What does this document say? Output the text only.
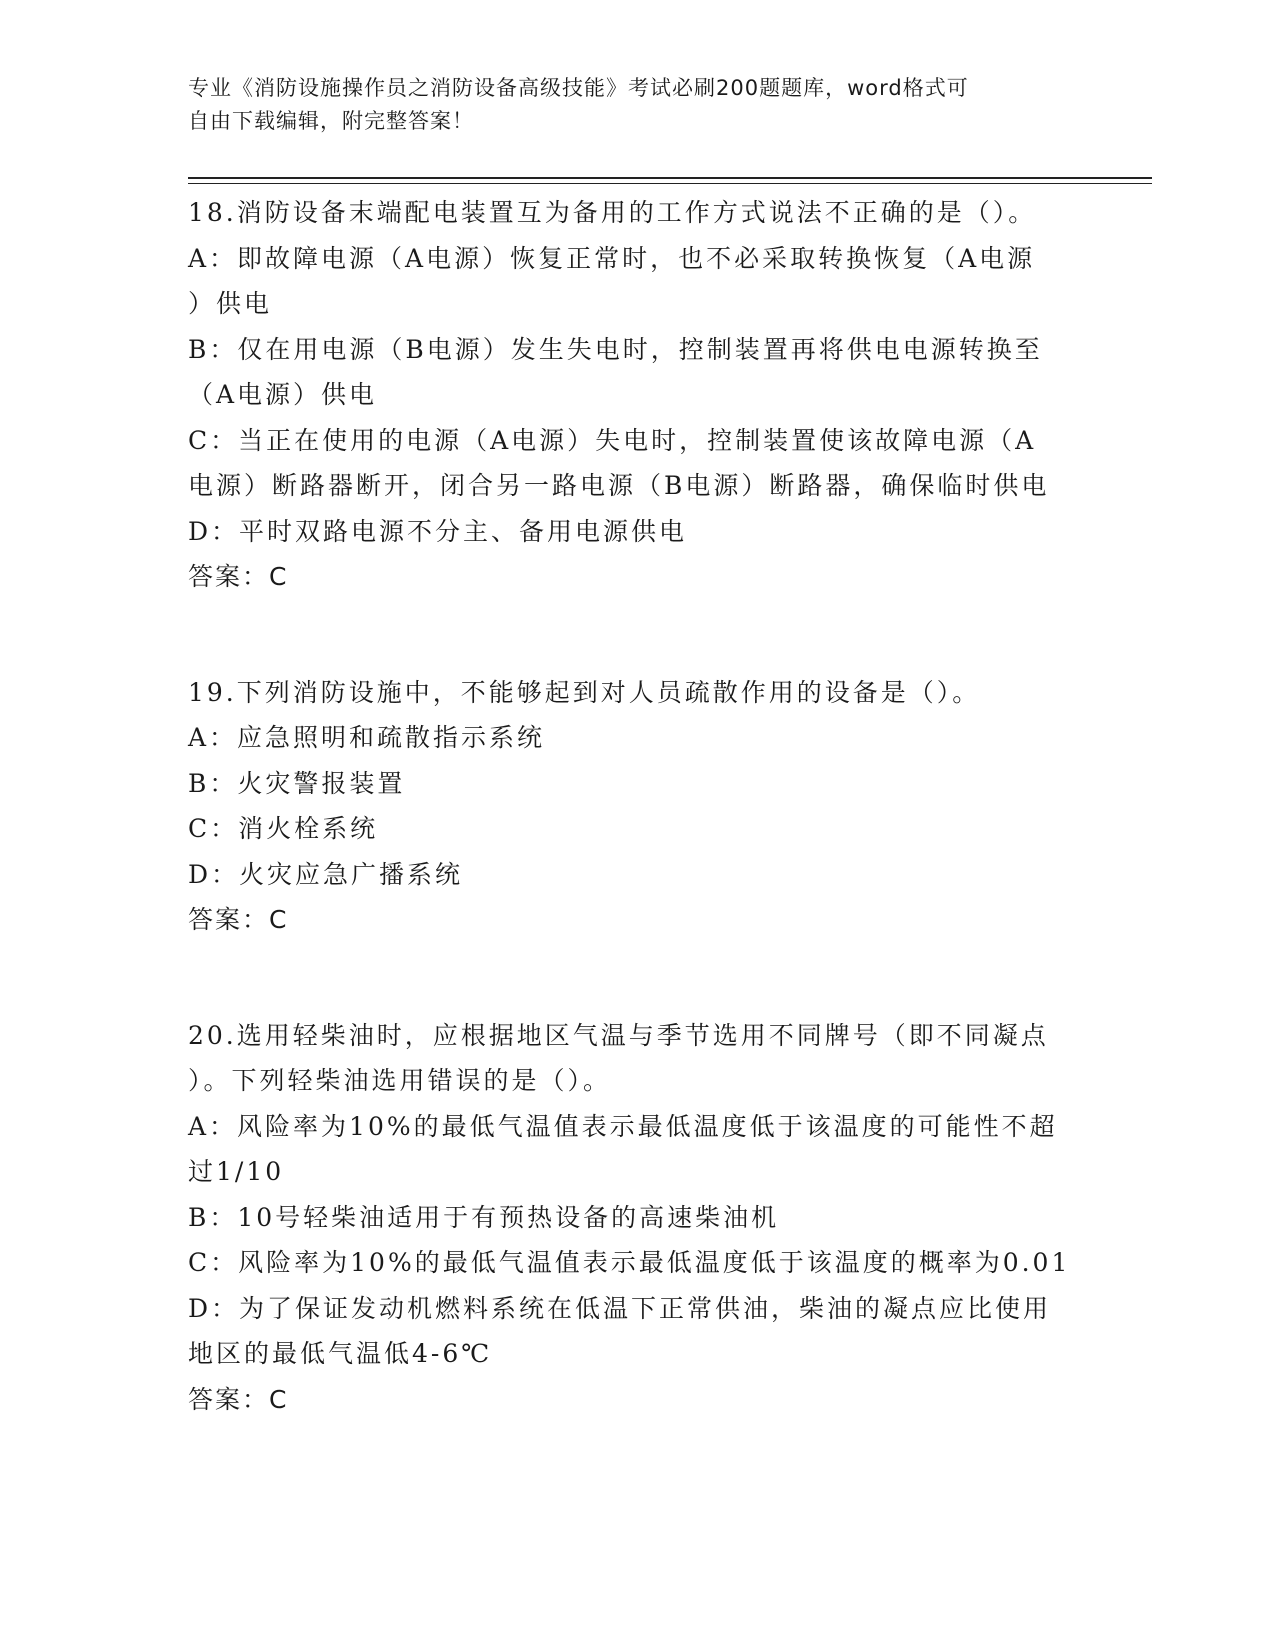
专业《消防设施操作员之消防设备高级技能》考试必刷200题题库，word格式可
自由下载编辑，附完整答案！
18.消防设备末端配电装置互为备用的工作方式说法不正确的是（）。
A：即故障电源（A电源）恢复正常时，也不必采取转换恢复（A电源
）供电
B：仅在用电源（B电源）发生失电时，控制装置再将供电电源转换至
（A电源）供电
C：当正在使用的电源（A电源）失电时，控制装置使该故障电源（A
电源）断路器断开，闭合另一路电源（B电源）断路器，确保临时供电
D：平时双路电源不分主、备用电源供电
答案：C
19.下列消防设施中，不能够起到对人员疏散作用的设备是（）。
A：应急照明和疏散指示系统
B：火灾警报装置
C：消火栓系统
D：火灾应急广播系统
答案：C
20.选用轻柴油时，应根据地区气温与季节选用不同牌号（即不同凝点
）。下列轻柴油选用错误的是（）。
A：风险率为10%的最低气温值表示最低温度低于该温度的可能性不超
过1/10
B：10号轻柴油适用于有预热设备的高速柴油机
C：风险率为10%的最低气温值表示最低温度低于该温度的概率为0.01
D：为了保证发动机燃料系统在低温下正常供油，柴油的凝点应比使用
地区的最低气温低4-6℃
答案：C
